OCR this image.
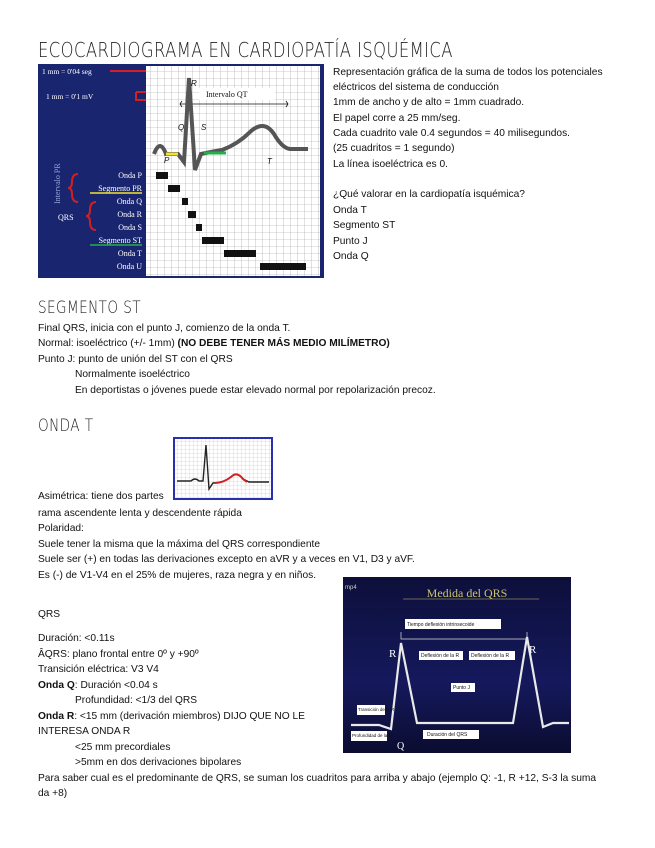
ECOCARDIOGRAMA EN CARDIOPATÍA ISQUÉMICA
1 mm = 0'04 seg
1 mm = 0'1 mV	Intervalo QT
P
Q
R
S
T
Intervalo PR
QRS
Onda P
Segmento PR
Onda Q
Onda R
Onda S
Segmento ST
Onda T
Onda U
Representación gráfica de la suma de todos los potenciales
eléctricos del sistema de conducción
1mm de ancho y de alto = 1mm cuadrado.
El papel corre a 25 mm/seg.
Cada cuadrito vale 0.4 segundos = 40 milisegundos.
(25 cuadritos = 1 segundo)
La línea isoeléctrica es 0.
¿Qué valorar en la cardiopatía isquémica?
Onda T
Segmento ST
Punto J
Onda Q
SEGMENTO ST
Final QRS, inicia con el punto J, comienzo de la onda T.
Normal: isoeléctrico (+/- 1mm) (NO DEBE TENER MÁS MEDIO MILÍMETRO)
Punto J: punto de unión del ST con el QRS
Normalmente isoeléctrico
En deportistas o jóvenes puede estar elevado normal por repolarización precoz.
ONDA T
Asimétrica: tiene dos partes
rama ascendente lenta y descendente rápida
Polaridad:
Suele tener la misma que la máxima del QRS correspondiente
Suele ser (+) en todas las derivaciones excepto en aVR y a veces en V1, D3 y aVF.
Es (-) de V1-V4 en el 25% de mujeres, raza negra y en niños.
mp4	Medida del QRS
Tiempo deflexión intrinsecoide
R	R
Deflexión de la R Deflexión de la R
Punto J
Transición de la R
Profundidad de la Q	Duración del QRS
Q
QRS
Duración: <0.11s
ÂQRS: plano frontal entre 0º y +90º
Transición eléctrica: V3 V4
Onda Q: Duración <0.04 s
Profundidad: <1/3 del QRS
Onda R: <15 mm (derivación miembros) DIJO QUE NO LE
INTERESA ONDA R
<25 mm precordiales
>5mm en dos derivaciones bipolares
Para saber cual es el predominante de QRS, se suman los cuadritos para arriba y abajo (ejemplo Q: -1, R +12, S-3 la suma
da +8)
